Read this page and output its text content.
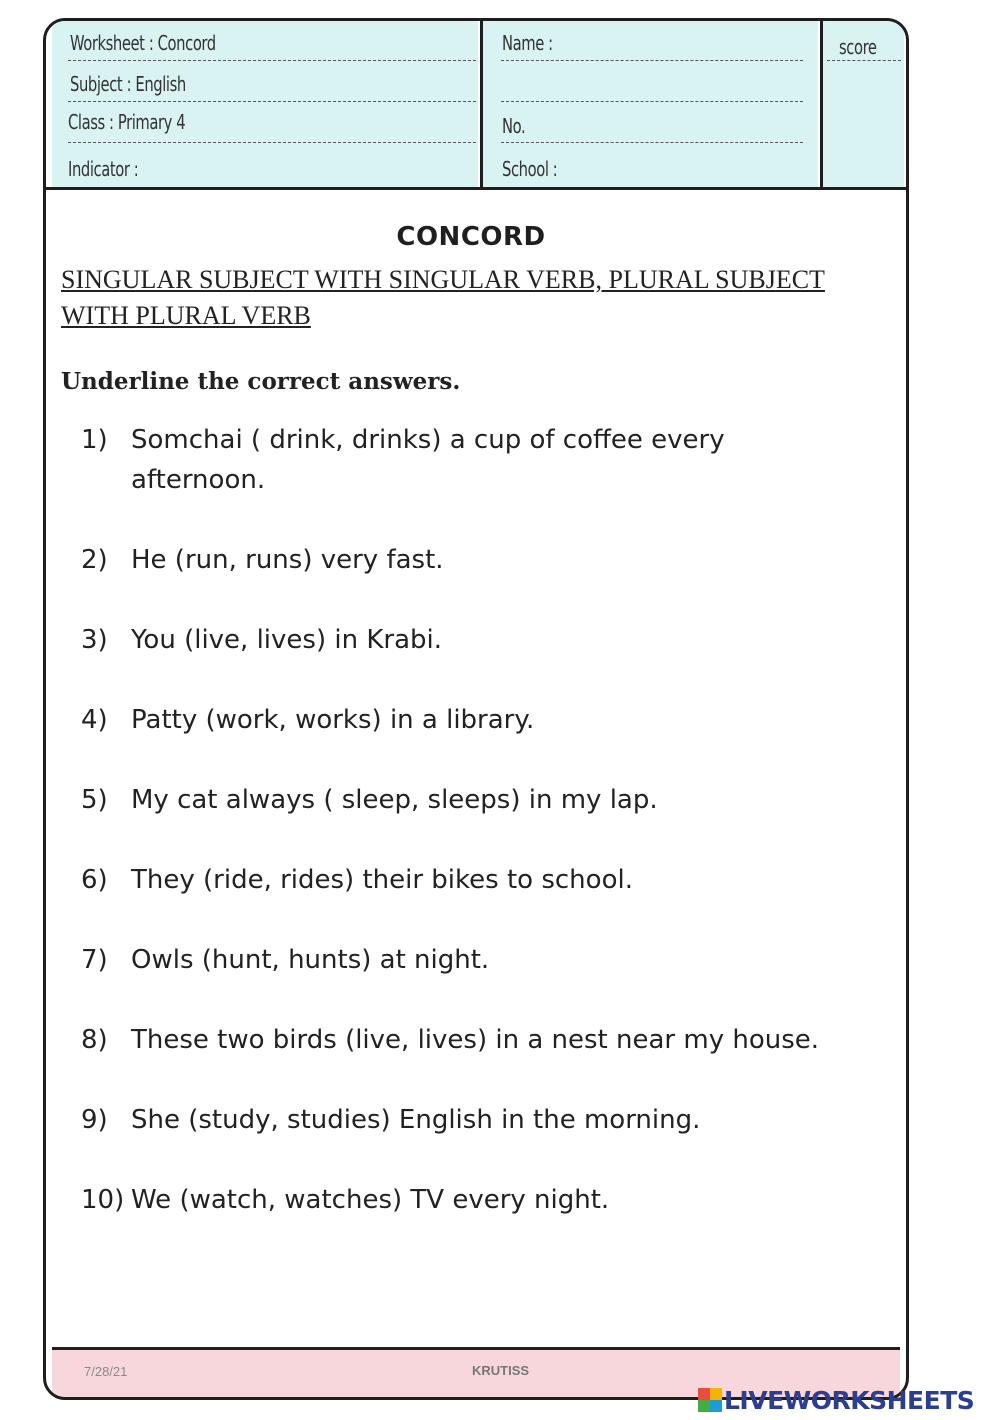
Worksheet : Concord
Subject : English
Class : Primary 4
Indicator :
Name :
No.
School :
score
CONCORD
SINGULAR SUBJECT WITH SINGULAR VERB, PLURAL SUBJECT WITH PLURAL VERB
Underline the correct answers.
1) Somchai ( drink, drinks) a cup of coffee every afternoon.
2) He (run, runs) very fast.
3) You (live, lives) in Krabi.
4) Patty (work, works) in a library.
5) My cat always ( sleep, sleeps) in my lap.
6) They (ride, rides) their bikes to school.
7) Owls (hunt, hunts) at night.
8) These two birds (live, lives) in a nest near my house.
9) She (study, studies) English in the morning.
10) We (watch, watches) TV every night.
7/28/21	KRUTISS
LIVEWORKSHEETS
